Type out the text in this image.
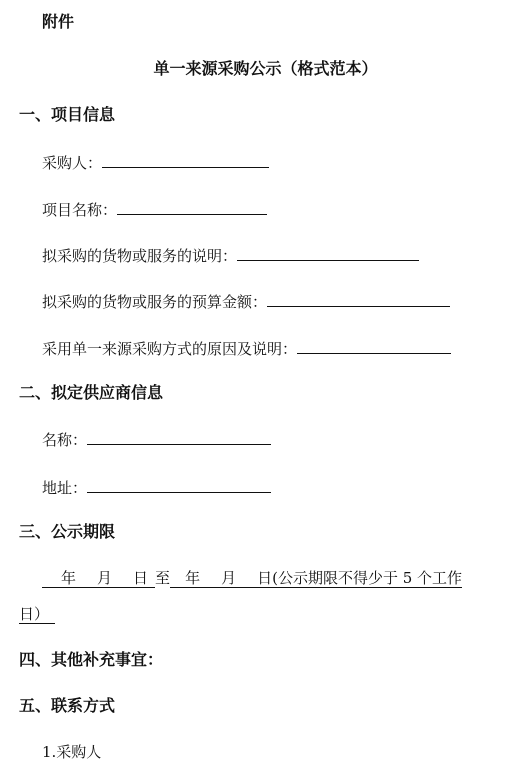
附件
单一来源采购公示（格式范本）
一、项目信息
采购人：
项目名称：
拟采购的货物或服务的说明：
拟采购的货物或服务的预算金额：
采用单一来源采购方式的原因及说明：
二、拟定供应商信息
名称：
地址：
三、公示期限
年 月 日 至 年 月 日(公示期限不得少于 5 个工作
日）
四、其他补充事宜：
五、联系方式
1.采购人
